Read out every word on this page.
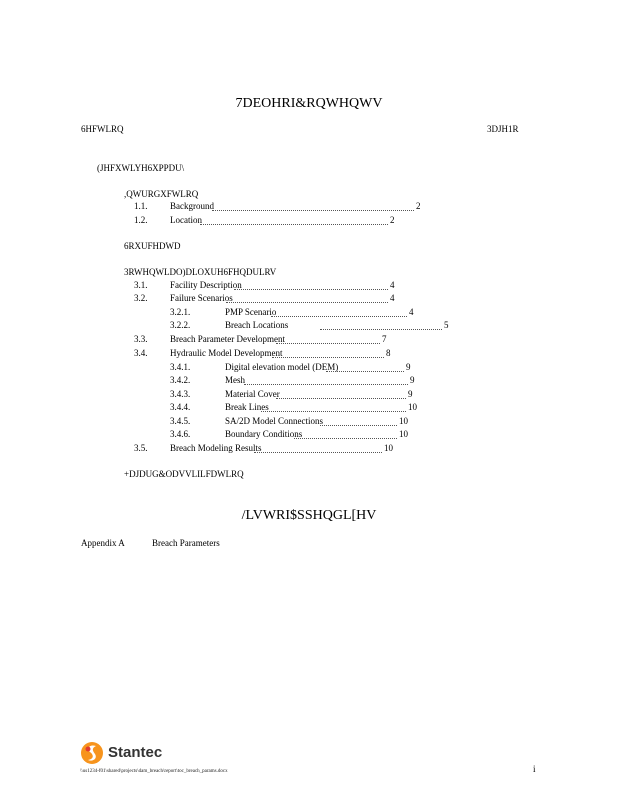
7DEOHRI&RQWHQWV
6HFWLRQ	3DJH1R
(JHFXWLYH6XPPDU\
,QWURGXFWLRQ
1.1.	Background	2
1.2.	Location	2
6RXUFHDWD
3RWHQWLDO)DLOXUH6FHQDULRV
3.1.	Facility Description	4
3.2.	Failure Scenarios	4
3.2.1.	PMP Scenario	4
3.2.2.	Breach Locations	5
3.3.	Breach Parameter Development	7
3.4.	Hydraulic Model Development	8
3.4.1.	Digital elevation model (DEM)	9
3.4.2.	Mesh	9
3.4.3.	Material Cover	9
3.4.4.	Break Lines	10
3.4.5.	SA/2D Model Connections	10
3.4.6.	Boundary Conditions	10
3.5.	Breach Modeling Results	10
+DJDUG&ODVVLILFDWLRQ
/LVWRI$SSHQGL[HV
Appendix A	Breach Parameters
Stantec
\\us1234-f01\shared\projects\dam_breach\report\toc_breach_params.docx	i
